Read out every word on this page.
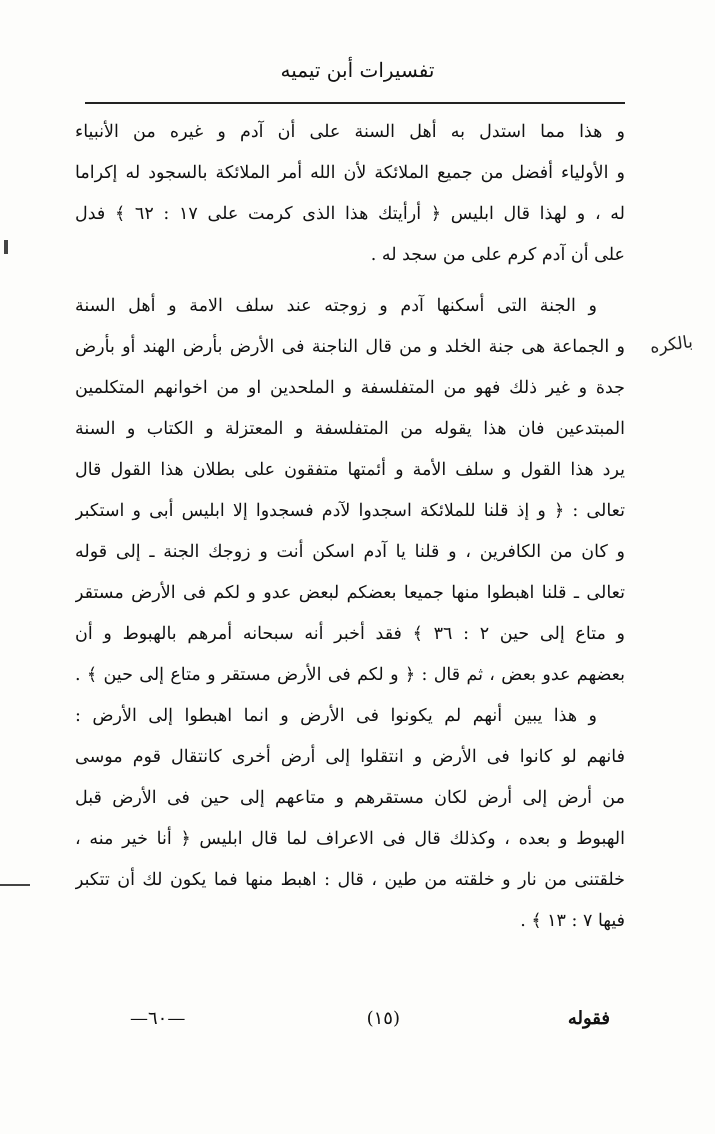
تفسيرات أبن تيميه
بالكره
و هذا مما استدل به أهل السنة على أن آدم و غيره من الأنبياء
و الأولياء أفضل من جميع الملائكة لأن الله أمر الملائكة بالسجود له إكراما
له ، و لهذا قال ابليس ﴿ أرأيتك هذا الذى كرمت على ١٧ : ٦٢ ﴾ فدل
على أن آدم كرم على من سجد له .
و الجنة التى أسكنها آدم و زوجته عند سلف الامة و أهل السنة
و الجماعة هى جنة الخلد و من قال الناجنة فى الأرض بأرض الهند أو بأرض
جدة و غير ذلك فهو من المتفلسفة و الملحدين او من اخوانهم المتكلمين
المبتدعين فان هذا يقوله من المتفلسفة و المعتزلة و الكتاب و السنة
يرد هذا القول و سلف الأمة و أئمتها متفقون على بطلان هذا القول قال
تعالى : ﴿ و إذ قلنا للملائكة اسجدوا لآدم فسجدوا إلا ابليس أبى و استكبر
و كان من الكافرين ، و قلنا يا آدم اسكن أنت و زوجك الجنة ـ إلى قوله
تعالى ـ قلنا اهبطوا منها جميعا بعضكم لبعض عدو و لكم فى الأرض مستقر
و متاع إلى حين ٢ : ٣٦ ﴾ فقد أخبر أنه سبحانه أمرهم بالهبوط و أن
بعضهم عدو بعض ، ثم قال : ﴿ و لكم فى الأرض مستقر و متاع إلى حين ﴾ .
و هذا يبين أنهم لم يكونوا فى الأرض و انما اهبطوا إلى الأرض :
فانهم لو كانوا فى الأرض و انتقلوا إلى أرض أخرى كانتقال قوم موسى
من أرض إلى أرض لكان مستقرهم و متاعهم إلى حين فى الأرض قبل
الهبوط و بعده ، وكذلك قال فى الاعراف لما قال ابليس ﴿ أنا خير منه ،
خلقتنى من نار و خلقته من طين ، قال : اهبط منها فما يكون لك أن تتكبر
فيها ٧ : ١٣ ﴾ .
فقوله
(١٥)
—٦٠—
